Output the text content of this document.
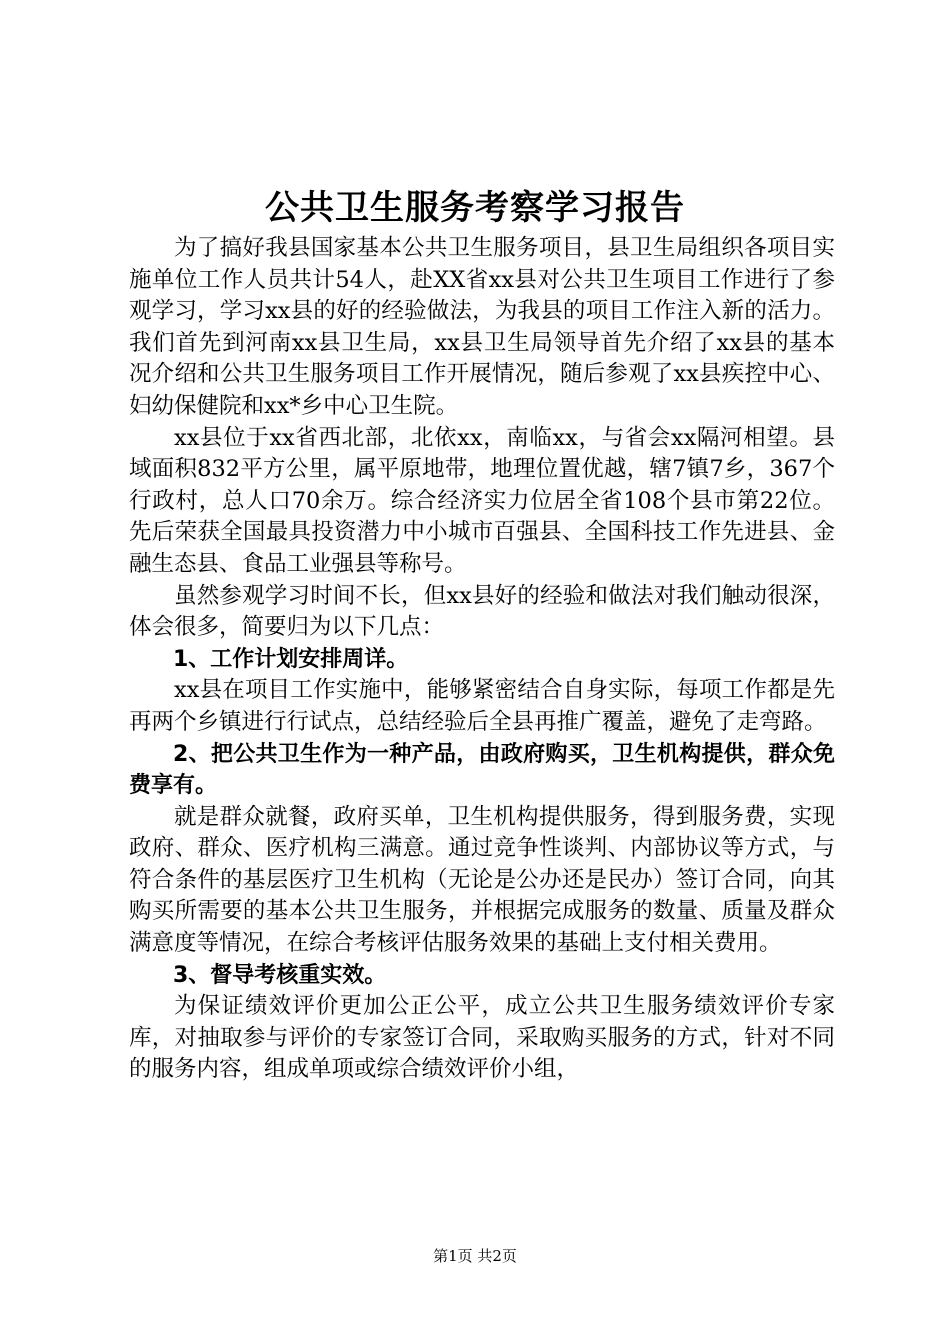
公共卫生服务考察学习报告

为了搞好我县国家基本公共卫生服务项目，县卫生局组织各项目实施单位工作人员共计54人，赴XX省xx县对公共卫生项目工作进行了参观学习，学习xx县的好的经验做法，为我县的项目工作注入新的活力。我们首先到河南xx县卫生局，xx县卫生局领导首先介绍了xx县的基本况介绍和公共卫生服务项目工作开展情况，随后参观了xx县疾控中心、妇幼保健院和xx*乡中心卫生院。

xx县位于xx省西北部，北依xx，南临xx，与省会xx隔河相望。县域面积832平方公里，属平原地带，地理位置优越，辖7镇7乡，367个行政村，总人口70余万。综合经济实力位居全省108个县市第22位。先后荣获全国最具投资潜力中小城市百强县、全国科技工作先进县、金融生态县、食品工业强县等称号。

虽然参观学习时间不长，但xx县好的经验和做法对我们触动很深，体会很多，简要归为以下几点：

1、工作计划安排周详。

xx县在项目工作实施中，能够紧密结合自身实际，每项工作都是先再两个乡镇进行行试点，总结经验后全县再推广覆盖，避免了走弯路。

2、把公共卫生作为一种产品，由政府购买，卫生机构提供，群众免费享有。

就是群众就餐，政府买单，卫生机构提供服务，得到服务费，实现政府、群众、医疗机构三满意。通过竞争性谈判、内部协议等方式，与符合条件的基层医疗卫生机构（无论是公办还是民办）签订合同，向其购买所需要的基本公共卫生服务，并根据完成服务的数量、质量及群众满意度等情况，在综合考核评估服务效果的基础上支付相关费用。

3、督导考核重实效。

为保证绩效评价更加公正公平，成立公共卫生服务绩效评价专家库，对抽取参与评价的专家签订合同，采取购买服务的方式，针对不同的服务内容，组成单项或综合绩效评价小组，

第1页 共2页
